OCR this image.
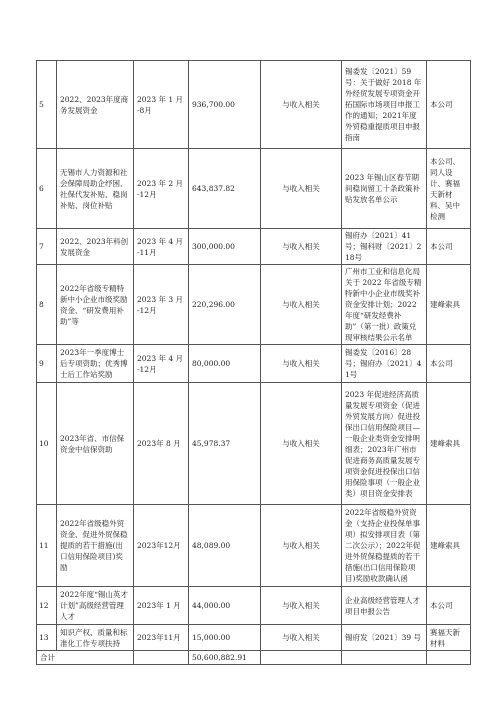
5	2022、2023年度商务发展资金	2023 年 1 月 -8月	936,700.00	与收入相关	锡委发〔2021〕59号：关于做好 2018 年外经贸发展专项资金开拓国际市场项目申报工作的通知；2021年度外贸稳重提质项目申报指南	本公司
6	无锡市人力资源和社会保障局助企纾困、社保代发补贴、稳岗补贴、岗位补贴	2023 年 2 月 -12月	643,837.82	与收入相关	2023 年锡山区春节期间稳岗留工十条政策补贴发放名单公示	本公司、同人设计、赛福天新材料、吴中检测
7	2022、2023年科创发展资金	2023 年 4 月 -11月	300,000.00	与收入相关	锡府办〔2021〕41号；锡科财〔2021〕218号	本公司
8	2022年省级专精特新中小企业市级奖励资金、“研发费用补助”等	2023 年 3 月 -12月	220,296.00	与收入相关	广州市工业和信息化局关于 2022 年省级专精特新中小企业市级奖补资金安排计划；2022年度“研发经费补助”（第一批）政策兑现审核结果公示名单	建峰索具
9	2023年一季度博士后专项资助；优秀博士后工作站奖励	2023 年 4 月 -12月	80,000.00	与收入相关	锡委发〔2016〕28号；锡府办〔2021〕41号	本公司
10	2023年省、市信保资金中信保资助	2023年 8 月	45,978.37	与收入相关	2023 年促进经济高质量发展专项资金（促进外贸发展方向）促进投保出口信用保险项目—一般企业类资金安排明细表；2023年广州市促进商务高质量发展专项资金促进投保出口信用保险事项（一般企业类）项目资金安排表	建峰索具
11	2022年省级稳外贸资金、促进外贸保稳提质的若干措施(出口信用保险项目)奖励	2023年12月	48,089.00	与收入相关	2022年省级稳外贸资金（支持企业投保单事项）拟安排项目表（第二次公示）；2022年促进外贸保稳提质的若干措施(出口信用保险项目)奖励收款确认函	建峰索具
12	2022年度“锡山英才计划”高级经营管理人才	2023年 1 月	44,000.00	与收入相关	企业高级经营管理人才项目申报公告	本公司
13	知识产权、质量和标准化工作专项扶持	2023年11月	15,000.00	与收入相关	锡府发〔2021〕39 号	赛福天新材料
合计			50,600,882.91			
